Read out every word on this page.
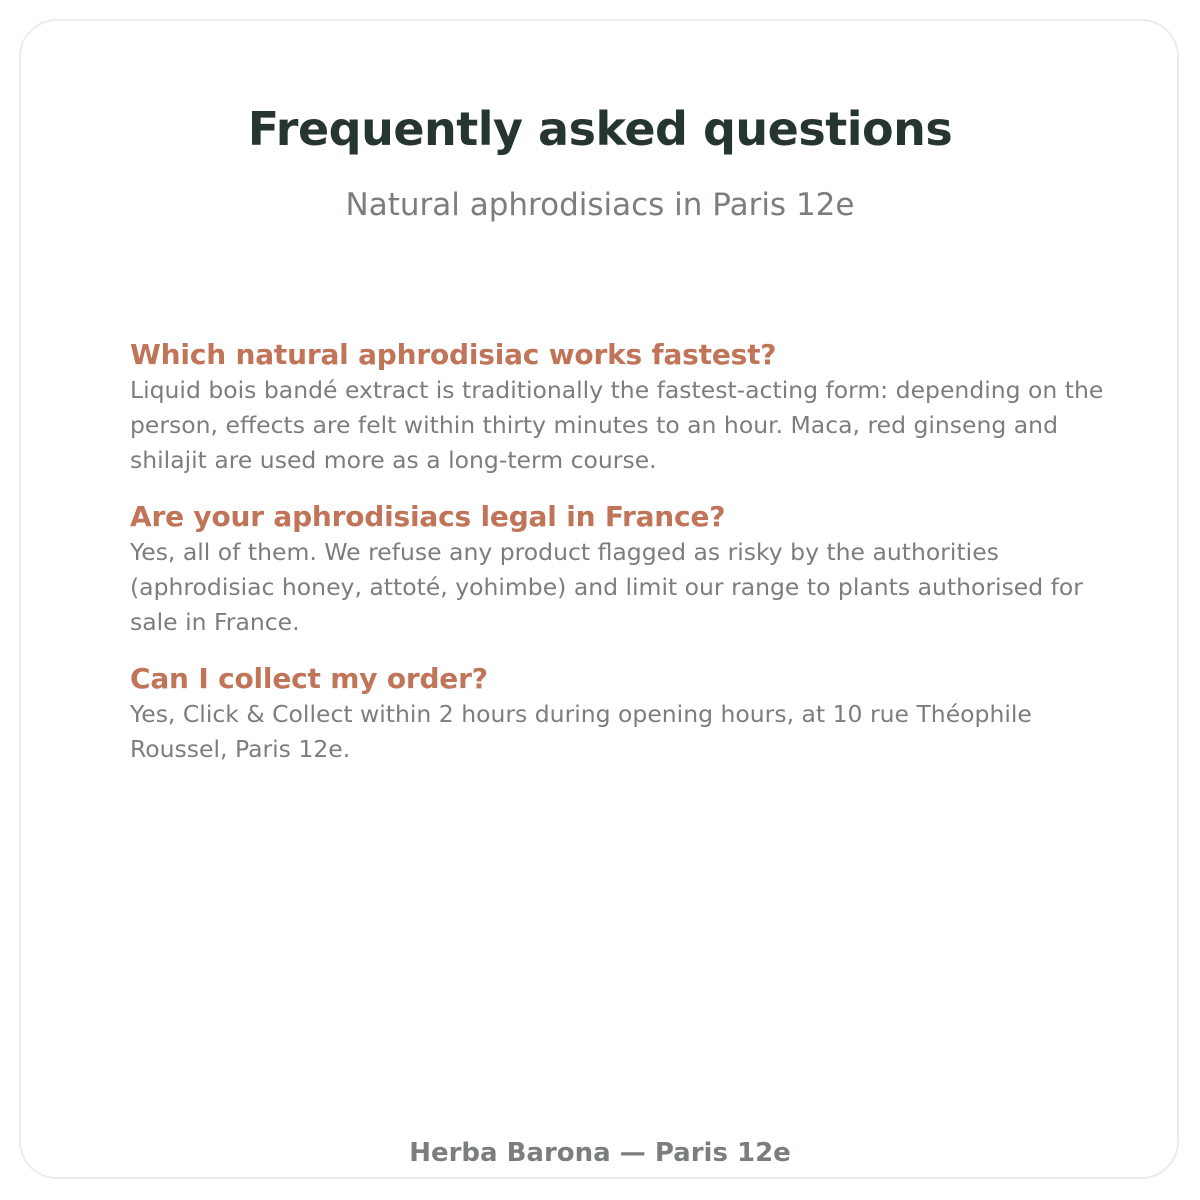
Frequently asked questions
Natural aphrodisiacs in Paris 12e
Which natural aphrodisiac works fastest?

Liquid bois bandé extract is traditionally the fastest-acting form: depending on the person, effects are felt within thirty minutes to an hour. Maca, red ginseng and shilajit are used more as a long-term course.

Are your aphrodisiacs legal in France?

Yes, all of them. We refuse any product flagged as risky by the authorities (aphrodisiac honey, attoté, yohimbe) and limit our range to plants authorised for sale in France.

Can I collect my order?

Yes, Click & Collect within 2 hours during opening hours, at 10 rue Théophile Roussel, Paris 12e.

Herba Barona — Paris 12e
